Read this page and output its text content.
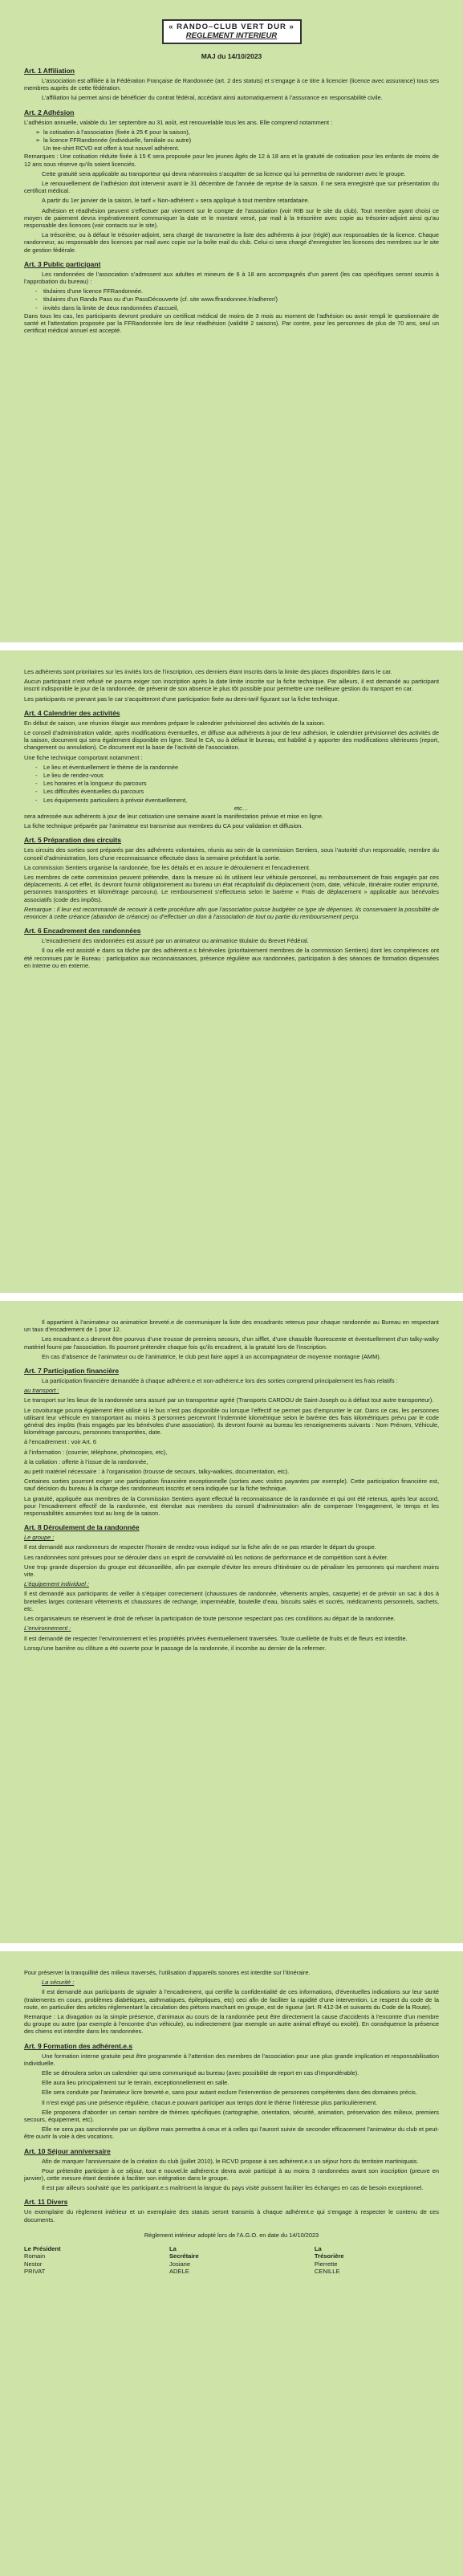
« RANDO–CLUB VERT DUR »
REGLEMENT INTERIEUR
MAJ du 14/10/2023
Art. 1 Affiliation

L’association est affiliée à la Fédération Française de Randonnée (art. 2 des statuts) et s’engage à ce titre à licencier (licence avec assurance) tous ses membres auprès de cette fédération.

L’affiliation lui permet ainsi de bénéficier du contrat fédéral, accédant ainsi automatiquement à l’assurance en responsabilité civile.

Art. 2 Adhésion

L’adhésion annuelle, valable du 1er septembre au 31 août, est renouvelable tous les ans. Elle comprend notamment :

➢ la cotisation à l’association (fixée à 25 € pour la saison),
➢ la licence FFRandonnée (individuelle, familiale ou autre)
Un tee-shirt RCVD est offert à tout nouvel adhérent.

Remarques : Une cotisation réduite fixée à 15 € sera proposée pour les jeunes âgés de 12 à 18 ans et la gratuité de cotisation pour les enfants de moins de 12 ans sous réserve qu’ils soient licenciés.

Cette gratuité sera applicable au transporteur qui devra néanmoins s’acquitter de sa licence qui lui permettra de randonner avec le groupe.

Le renouvellement de l’adhésion doit intervenir avant le 31 décembre de l’année de reprise de la saison. Il ne sera enregistré que sur présentation du certificat médical.

A partir du 1er janvier de la saison, le tarif « Non-adhérent » sera appliqué à tout membre retardataire.

Adhésion et réadhésion peuvent s’effectuer par virement sur le compte de l’association (voir RIB sur le site du club). Tout membre ayant choisi ce moyen de paiement devra impérativement communiquer la date et le montant versé, par mail à la trésorière avec copie au trésorier-adjoint ainsi qu’au responsable des licences (voir contacts sur le site).

La trésorière, ou à défaut le trésorier-adjoint, sera chargé de transmettre la liste des adhérents à jour (réglé) aux responsables de la licence. Chaque randonneur, au responsable des licences par mail avec copie sur la boîte mail du club. Celui-ci sera chargé d’enregistrer les licences des membres sur le site de gestion fédérale.

Art. 3 Public participant

Les randonnées de l’association s’adressent aux adultes et mineurs de 6 à 18 ans accompagnés d’un parent (les cas spécifiques seront soumis à l’approbation du bureau) :

- titulaires d’une licence FFRandonnée.
- titulaires d’un Rando Pass ou d’un PassDécouverte (cf. site www.ffrandonnee.fr/adherer/)
- invités dans la limite de deux randonnées d’accueil,

Dans tous les cas, les participants devront produire un certificat médical de moins de 3 mois au moment de l’adhésion ou avoir rempli le questionnaire de santé et l’attestation proposée par la FFRandonnée lors de leur réadhésion (validité 2 saisons). Par contre, pour les personnes de plus de 70 ans, seul un certificat médical annuel est accepté.

Les adhérents sont prioritaires sur les invités lors de l’inscription, ces derniers étant inscrits dans la limite des places disponibles dans le car.

Aucun participant n’est refusé ne pourra exiger son inscription après la date limite inscrite sur la fiche technique. Par ailleurs, il est demandé au participant inscrit indisponible le jour de la randonnée, de prévenir de son absence le plus tôt possible pour permettre une meilleure gestion du transport en car.

Les participants ne prenant pas le car s’acquitteront d’une participation fixée au demi-tarif figurant sur la fiche technique.

Art. 4 Calendrier des activités

En début de saison, une réunion élargie aux membres prépare le calendrier prévisionnel des activités de la saison.

Le conseil d’administration valide, après modifications éventuelles, et diffuse aux adhérents à jour de leur adhésion, le calendrier prévisionnel des activités de la saison, document qui sera également disponible en ligne. Seul le CA, ou à défaut le bureau, est habilité à y apporter des modifications ultérieures (report, changement ou annulation). Ce document est la base de l’activité de l’association.

Une fiche technique comportant notamment :

- Le lieu et éventuellement le thème de la randonnée
- Le lieu de rendez-vous
- Les horaires et la longueur du parcours
- Les difficultés éventuelles du parcours
- Les équipements particuliers à prévoir éventuellement,
etc…

sera adressée aux adhérents à jour de leur cotisation une semaine avant la manifestation prévue et mise en ligne.

La fiche technique préparée par l’animateur est transmise aux membres du CA pour validation et diffusion.

Art. 5 Préparation des circuits

Les circuits des sorties sont préparés par des adhérents volontaires, réunis au sein de la commission Sentiers, sous l’autorité d’un responsable, membre du conseil d’administration, lors d’une reconnaissance effectuée dans la semaine précédant la sortie.

La commission Sentiers organise la randonnée, fixe les détails et en assure le déroulement et l’encadrement.

Les membres de cette commission peuvent prétendre, dans la mesure où ils utilisent leur véhicule personnel, au remboursement de frais engagés par ces déplacements. A cet effet, ils devront fournir obligatoirement au bureau un état récapitulatif du déplacement (nom, date, véhicule, itinéraire routier emprunté, personnes transportées et kilométrage parcouru). Le remboursement s’effectuera selon le barème « Frais de déplacement » applicable aux bénévoles associatifs (code des impôts).

Remarque : Il leur est recommandé de recourir à cette procédure afin que l’association puisse budgéter ce type de dépenses. Ils conservaient la possibilité de renoncer à cette créance (abandon de créance) ou d’effectuer un don à l’association de tout ou partie du remboursement perçu.

Art. 6 Encadrement des randonnées

L’encadrement des randonnées est assuré par un animateur ou animatrice titulaire du Brevet Fédéral.

Il ou elle est assisté e dans sa tâche par des adhérent.e.s bénévoles (prioritairement membres de la commission Sentiers) dont les compétences ont été reconnues par le Bureau : participation aux reconnaissances, présence régulière aux randonnées, participation à des séances de formation dispensées en interne ou en externe.

Il appartient à l’animateur ou animatrice breveté.e de communiquer la liste des encadrants retenus pour chaque randonnée au Bureau en respectant un taux d’encadrement de 1 pour 12.

Les encadrant.e.s devront être pourvus d’une trousse de premiers secours, d’un sifflet, d’une chasuble fluorescente et éventuellement d’un talky-walky matériel fourni par l’association. Ils pourront prétendre chaque fois qu’ils encadrent, à la gratuité lors de l’inscription.

En cas d’absence de l’animateur ou de l’animatrice, le club peut faire appel à un accompagnateur de moyenne montagne (AMM).

Art. 7 Participation financière

La participation financière demandée à chaque adhérent.e et non-adhérent.e lors des sorties comprend principalement les frais relatifs :

au transport :

Le transport sur les lieux de la randonnée sera assuré par un transporteur agréé (Transports CARDOU de Saint-Joseph ou à défaut tout autre transporteur).

Le covoiturage pourra également être utilisé si le bus n’est pas disponible ou lorsque l’effectif ne permet pas d’emprunter le car. Dans ce cas, les personnes utilisant leur véhicule en transportant au moins 3 personnes percevront l’indemnité kilométrique selon le barème des frais kilométriques prévu par le code général des impôts (frais engagés par les bénévoles d’une association). Ils devront fournir au bureau les renseignements suivants : Nom Prénom, Véhicule, kilométrage parcouru, personnes transportées, date.

à l’encadrement : voir Art. 6

à l’information : (courrier, téléphone, photocopies, etc),

à la collation : offerte à l’issue de la randonnée,

au petit matériel nécessaire : à l’organisation (trousse de secours, talky-walkies, documentation, etc).

Certaines sorties pourront exiger une participation financière exceptionnelle (sorties avec visites payantes par exemple). Cette participation financière est, sauf décision du bureau à la charge des randonneurs inscrits et sera indiquée sur la fiche technique.

La gratuité, appliquée aux membres de la Commission Sentiers ayant effectué la reconnaissance de la randonnée et qui ont été retenus, après leur accord, pour l’encadrement effectif de la randonnée, est étendue aux membres du conseil d’administration afin de compenser l’engagement, le temps et les responsabilités assumées tout au long de la saison.

Art. 8 Déroulement de la randonnée

Le groupe :

Il est demandé aux randonneurs de respecter l’horaire de rendez-vous indiqué sur la fiche afin de ne pas retarder le départ du groupe.

Les randonnées sont prévues pour se dérouler dans un esprit de convivialité où les notions de performance et de compétition sont à éviter.

Une trop grande dispersion du groupe est déconseillée, afin par exemple d’éviter les erreurs d’itinéraire ou de pénaliser les personnes qui marchent moins vite.

L’équipement individuel :

Il est demandé aux participants de veiller à s’équiper correctement (chaussures de randonnée, vêtements amples, casquette) et de prévoir un sac à dos à bretelles larges contenant vêtements et chaussures de rechange, imperméable, bouteille d’eau, biscuits salés et sucrés, médicaments personnels, sachets, etc.

Les organisateurs se réservent le droit de refuser la participation de toute personne respectant pas ces conditions au départ de la randonnée.

L’environnement :

Il est demandé de respecter l’environnement et les propriétés privées éventuellement traversées. Toute cueillette de fruits et de fleurs est interdite.

Lorsqu’une barrière ou clôture a été ouverte pour le passage de la randonnée, il incombe au dernier de la refermer.

Pour préserver la tranquillité des milieux traversés, l’utilisation d’appareils sonores est interdite sur l’itinéraire.

La sécurité :

Il est demandé aux participants de signaler à l’encadrement, qui certifie la confidentialité de ces informations, d’éventuelles indications sur leur santé (traitements en cours, problèmes diabétiques, asthmatiques, épileptiques, etc) ceci afin de faciliter la rapidité d’une intervention. Le respect du code de la route, en particulier des articles réglementant la circulation des piétons marchant en groupe, est de rigueur (art. R 412-34 et suivants du Code de la Route).

Remarque : La divagation ou la simple présence, d’animaux au cours de la randonnée peut être directement la cause d’accidents à l’encontre d’un membre du groupe ou autre (par exemple à l’encontre d’un véhicule), ou indirectement (par exemple un autre animal effrayé ou excité). En conséquence la présence des chiens est interdite dans les randonnées.

Art. 9 Formation des adhérent.e.s

Une formation interne gratuite peut être programmée à l’attention des membres de l’association pour une plus grande implication et responsabilisation individuelle.

Elle se déroulera selon un calendrier qui sera communiqué au bureau (avec possibilité de report en cas d’impondérable).

Elle aura lieu principalement sur le terrain, exceptionnellement en salle.

Elle sera conduite par l’animateur licre breveté.e, sans pour autant exclure l’intervention de personnes compétentes dans des domaines précis.

Il n’est exigé pas une présence régulière, chacun.e pouvant participer aux temps dont le thème l’intéresse plus particulièrement.

Elle proposera d’aborder un certain nombre de thèmes spécifiques (cartographie, orientation, sécurité, animation, préservation des milieux, premiers secours, équipement, etc).

Elle ne sera pas sanctionnée par un diplôme mais permettra à ceux et à celles qui l’auront suivie de seconder efficacement l’animateur du club et peut-être ouvrir la voie à des vocations.

Art. 10 Séjour anniversaire

Afin de marquer l’anniversaire de la création du club (juillet 2010), le RCVD propose à ses adhérent.e.s un séjour hors du territoire martiniquais.

Pour prétendre participer à ce séjour, tout e nouvel.le adhérent.e devra avoir participé à au moins 3 randonnées avant son inscription (preuve en janvier), cette mesure étant destinée à faciliter son intégration dans le groupe.

Il est par ailleurs souhaité que les participant.e.s maîtrisent la langue du pays visité puissent faciliter les échanges en cas de besoin exceptionnel.

Art. 11 Divers

Un exemplaire du règlement intérieur et un exemplaire des statuts seront transmis à chaque adhérent.e qui s’engage à respecter le contenu de ces documents.

Règlement intérieur adopté lors de l’A.G.O. en date du 14/10/2023

Le Président
Romain Nestor PRIVAT
La Secrétaire
Josiane ADELE
La Trésorière
Pierrette CENILLE
